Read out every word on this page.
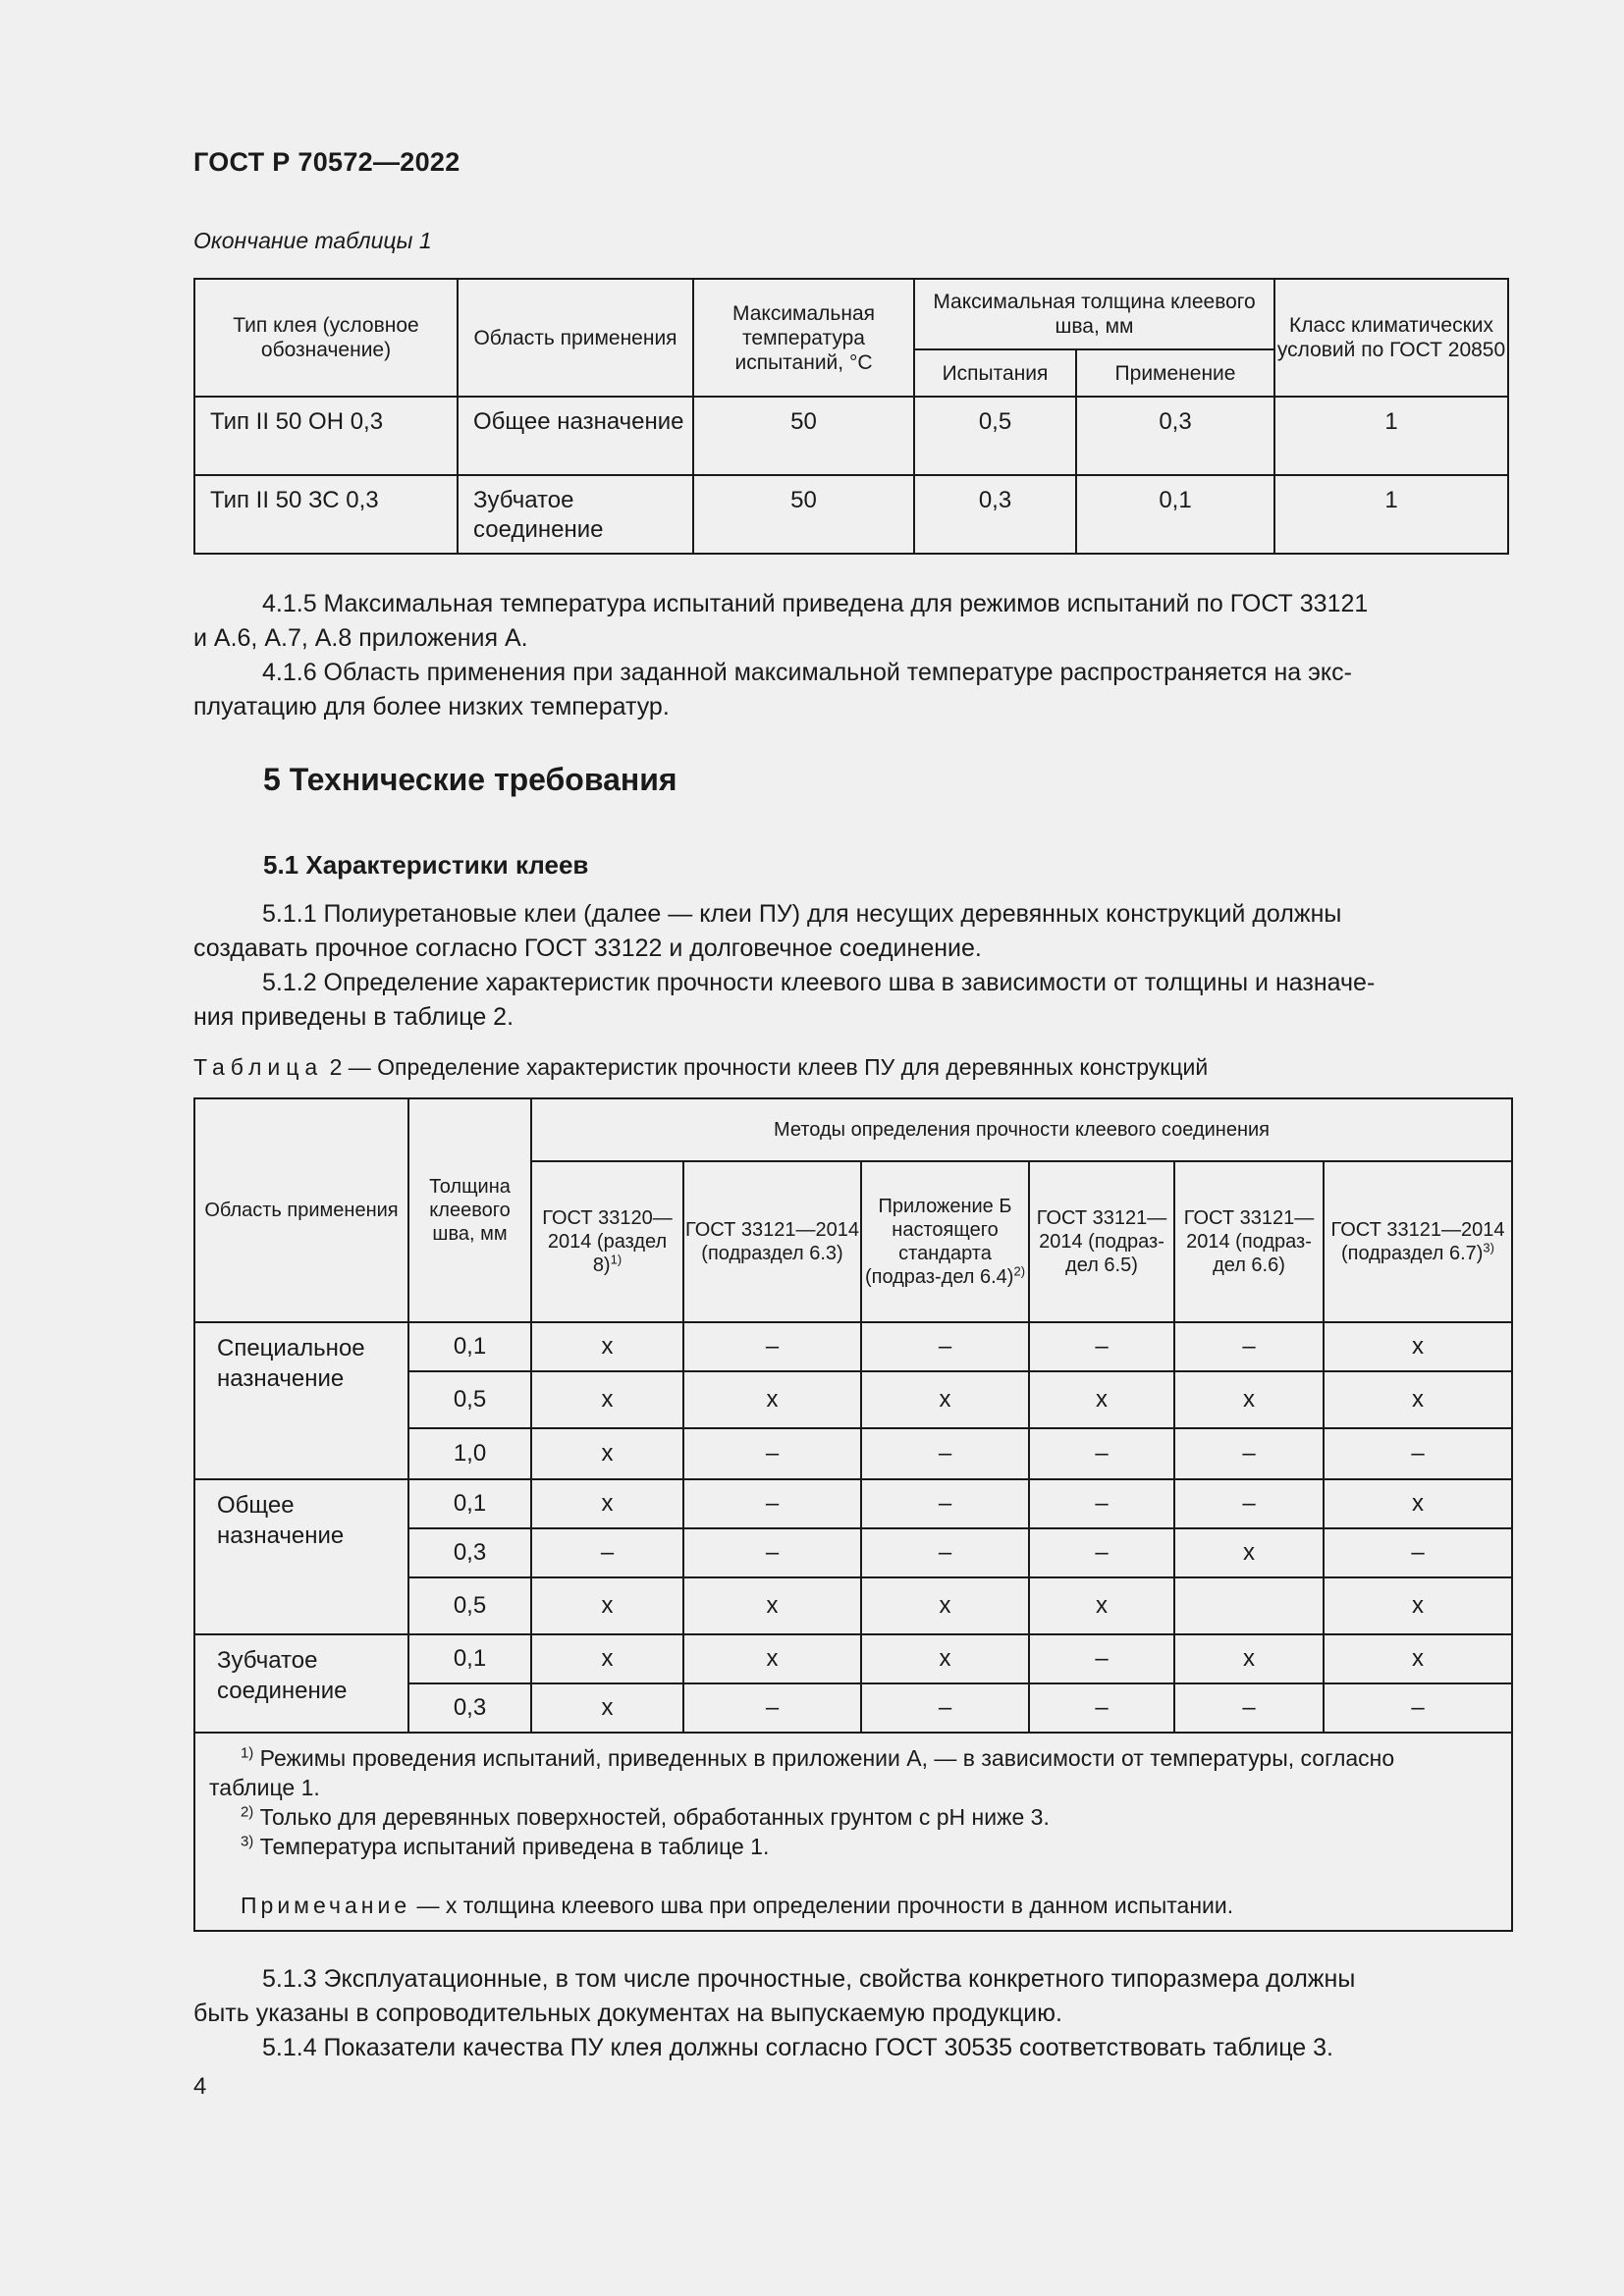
ГОСТ Р 70572—2022
Окончание таблицы 1
Тип клея (условное обозначение)	Область применения	Максимальная температура испытаний, °С	Максимальная толщина клеевого шва, мм		Класс климатических условий по ГОСТ 20850
			Испытания	Применение	
Тип II 50 ОН 0,3	Общее назначение	50	0,5	0,3	1
Тип II 50 ЗС 0,3	Зубчатое соединение	50	0,3	0,1	1
4.1.5 Максимальная температура испытаний приведена для режимов испытаний по ГОСТ 33121
и А.6, А.7, А.8 приложения А.
4.1.6 Область применения при заданной максимальной температуре распространяется на экс-
плуатацию для более низких температур.
5 Технические требования
5.1 Характеристики клеев
5.1.1 Полиуретановые клеи (далее — клеи ПУ) для несущих деревянных конструкций должны
создавать прочное согласно ГОСТ 33122 и долговечное соединение.
5.1.2 Определение характеристик прочности клеевого шва в зависимости от толщины и назначе-
ния приведены в таблице 2.
Таблица 2 — Определение характеристик прочности клеев ПУ для деревянных конструкций
Область применения	Толщина клеевого шва, мм	Методы определения прочности клеевого соединения					
		ГОСТ 33120—2014 (раздел 8)$^{1)}$	ГОСТ 33121—2014 (подраздел 6.3)	Приложение Б настоящего стандарта (подраз-дел 6.4)$^{2)}$	ГОСТ 33121—2014 (подраз-дел 6.5)	ГОСТ 33121—2014 (подраз-дел 6.6)	ГОСТ 33121—2014 (подраздел 6.7)$^{3)}$
Специальное назначение	0,1	x	–	–	–	–	x
	0,5	x	x	x	x	x	x
	1,0	x	–	–	–	–	–
Общее назначение	0,1	x	–	–	–	–	x
	0,3	–	–	–	–	x	–
	0,5	x	x	x	x		x
Зубчатое соединение	0,1	x	x	x	–	x	x
	0,3	x	–	–	–	–	–

$^{1)}$ Режимы проведения испытаний, приведенных в приложении А, — в зависимости от температуры, согласно

таблице 1.

$^{2)}$ Только для деревянных поверхностей, обработанных грунтом с pH ниже 3.

$^{3)}$ Температура испытаний приведена в таблице 1.

Примечание — x толщина клеевого шва при определении прочности в данном испытании.							

5.1.3 Эксплуатационные, в том числе прочностные, свойства конкретного типоразмера должны
быть указаны в сопроводительных документах на выпускаемую продукцию.
5.1.4 Показатели качества ПУ клея должны согласно ГОСТ 30535 соответствовать таблице 3.
4
